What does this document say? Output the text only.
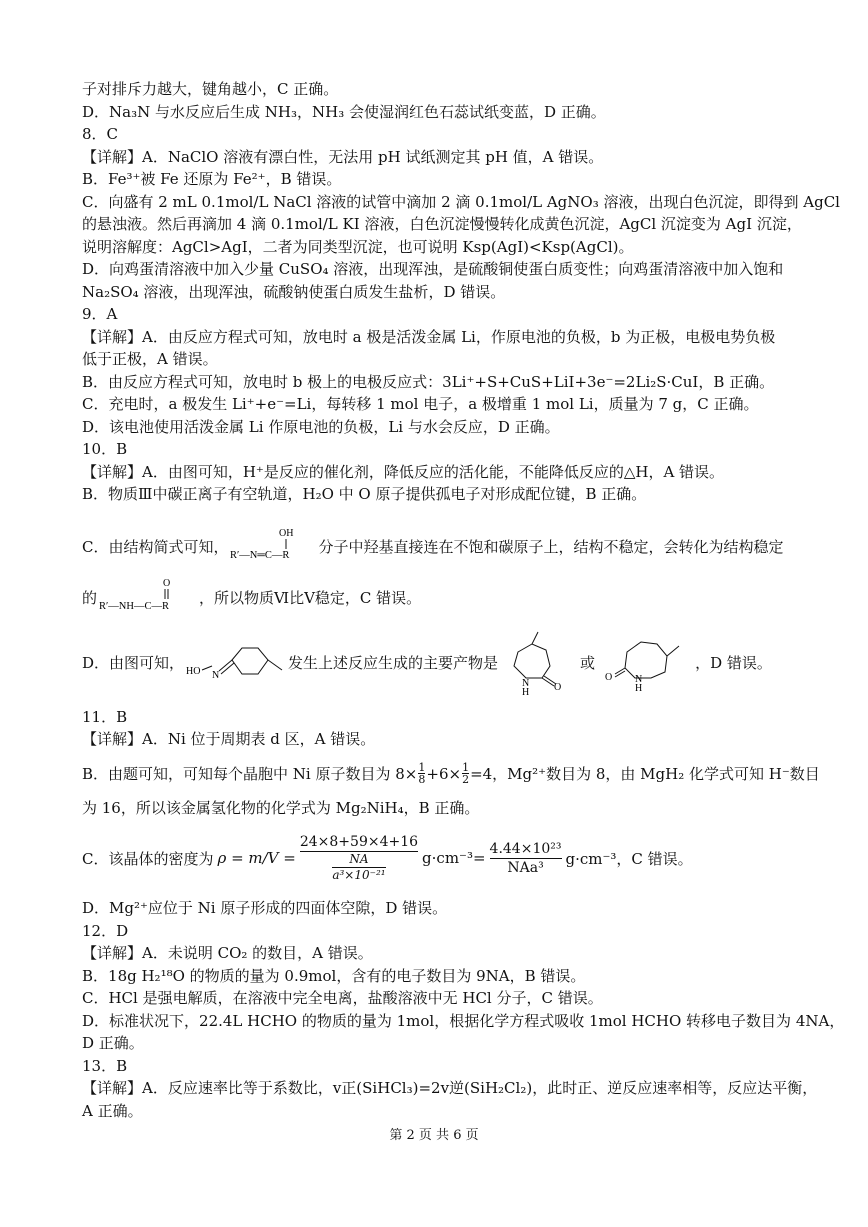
子对排斥力越大，键角越小，C 正确。
D．Na₃N 与水反应后生成 NH₃，NH₃ 会使湿润红色石蕊试纸变蓝，D 正确。
8．C
【详解】A．NaClO 溶液有漂白性，无法用 pH 试纸测定其 pH 值，A 错误。
B．Fe³⁺被 Fe 还原为 Fe²⁺，B 错误。
C．向盛有 2 mL 0.1mol/L NaCl 溶液的试管中滴加 2 滴 0.1mol/L AgNO₃ 溶液，出现白色沉淀，即得到 AgCl
的悬浊液。然后再滴加 4 滴 0.1mol/L KI 溶液，白色沉淀慢慢转化成黄色沉淀，AgCl 沉淀变为 AgI 沉淀，
说明溶解度：AgCl>AgI，二者为同类型沉淀，也可说明 Ksp(AgI)<Ksp(AgCl)。
D．向鸡蛋清溶液中加入少量 CuSO₄ 溶液，出现浑浊，是硫酸铜使蛋白质变性；向鸡蛋清溶液中加入饱和
Na₂SO₄ 溶液，出现浑浊，硫酸钠使蛋白质发生盐析，D 错误。
9．A
【详解】A．由反应方程式可知，放电时 a 极是活泼金属 Li，作原电池的负极，b 为正极，电极电势负极
低于正极，A 错误。
B．由反应方程式可知，放电时 b 极上的电极反应式：3Li⁺+S+CuS+LiI+3e⁻=2Li₂S·CuI，B 正确。
C．充电时，a 极发生 Li⁺+e⁻=Li，每转移 1 mol 电子，a 极增重 1 mol Li，质量为 7 g，C 正确。
D．该电池使用活泼金属 Li 作原电池的负极，Li 与水会反应，D 正确。
10．B
【详解】A．由图可知，H⁺是反应的催化剂，降低反应的活化能，不能降低反应的△H，A 错误。
B．物质Ⅲ中碳正离子有空轨道，H₂O 中 O 原子提供孤电子对形成配位键，B 正确。
C．由结构简式可知，
OH
R′—N═C—R 分子中羟基直接连在不饱和碳原子上，结构不稳定，会转化为结构稳定
的
O
R′—NH—C—R ，所以物质Ⅵ比Ⅴ稳定，C 错误。
D．由图可知， HO N
发生上述反应生成的主要产物是
O
N
H
或
O N
H
，D 错误。
11．B
【详解】A．Ni 位于周期表 d 区，A 错误。
B．由题可知，可知每个晶胞中 Ni 原子数目为 $8\times \frac{1}{8} +6\times \frac{1}{2} =4$，Mg²⁺数目为 8，由 MgH₂ 化学式可知 H⁻数目
为 16，所以该金属氢化物的化学式为 Mg₂NiH₄，B 正确。
C．该晶体的密度为 ρ = m/V =
24×8+59×4+16
NA
a³×10⁻²¹
g·cm⁻³=
4.44×10²³
NAa³ g·cm⁻³，C 错误。
D．Mg²⁺应位于 Ni 原子形成的四面体空隙，D 错误。
12．D
【详解】A．未说明 CO₂ 的数目，A 错误。
B．18g H₂¹⁸O 的物质的量为 0.9mol，含有的电子数目为 9NA，B 错误。
C．HCl 是强电解质，在溶液中完全电离，盐酸溶液中无 HCl 分子，C 错误。
D．标准状况下，22.4L HCHO 的物质的量为 1mol，根据化学方程式吸收 1mol HCHO 转移电子数目为 4NA，
D 正确。
13．B
【详解】A．反应速率比等于系数比，v正(SiHCl₃)=2v逆(SiH₂Cl₂)，此时正、逆反应速率相等，反应达平衡，
A 正确。
第 2 页 共 6 页
